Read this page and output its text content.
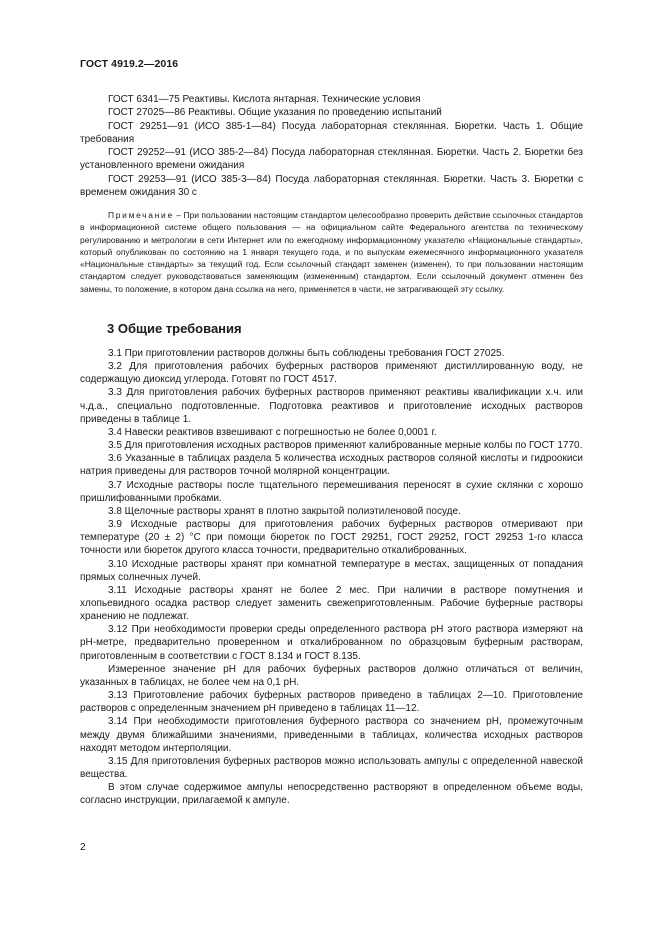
ГОСТ 4919.2—2016

ГОСТ 6341—75 Реактивы. Кислота янтарная. Технические условия

ГОСТ 27025—86 Реактивы. Общие указания по проведению испытаний

ГОСТ 29251—91 (ИСО 385-1—84) Посуда лабораторная стеклянная. Бюретки. Часть 1. Общие требования

ГОСТ 29252—91 (ИСО 385-2—84) Посуда лабораторная стеклянная. Бюретки. Часть 2. Бюретки без установленного времени ожидания

ГОСТ 29253—91 (ИСО 385-3—84) Посуда лабораторная стеклянная. Бюретки. Часть 3. Бюретки с временем ожидания 30 с

Примечание – При пользовании настоящим стандартом целесообразно проверить действие ссылочных стандартов в информационной системе общего пользования — на официальном сайте Федерального агентства по техническому регулированию и метрологии в сети Интернет или по ежегодному информационному указателю «Национальные стандарты», который опубликован по состоянию на 1 января текущего года, и по выпускам ежемесячного информационного указателя «Национальные стандарты» за текущий год. Если ссылочный стандарт заменен (изменен), то при пользовании настоящим стандартом следует руководствоваться заменяющим (измененным) стандартом. Если ссылочный документ отменен без замены, то положение, в котором дана ссылка на него, применяется в части, не затрагивающей эту ссылку.
3 Общие требования

3.1 При приготовлении растворов должны быть соблюдены требования ГОСТ 27025.

3.2 Для приготовления рабочих буферных растворов применяют дистиллированную воду, не содержащую диоксид углерода. Готовят по ГОСТ 4517.

3.3 Для приготовления рабочих буферных растворов применяют реактивы квалификации х.ч. или ч.д.а., специально подготовленные. Подготовка реактивов и приготовление исходных растворов приведены в таблице 1.

3.4 Навески реактивов взвешивают с погрешностью не более 0,0001 г.

3.5 Для приготовления исходных растворов применяют калиброванные мерные колбы по ГОСТ 1770.

3.6 Указанные в таблицах раздела 5 количества исходных растворов соляной кислоты и гидроокиси натрия приведены для растворов точной молярной концентрации.

3.7 Исходные растворы после тщательного перемешивания переносят в сухие склянки с хорошо пришлифованными пробками.

3.8 Щелочные растворы хранят в плотно закрытой полиэтиленовой посуде.

3.9 Исходные растворы для приготовления рабочих буферных растворов отмеривают при температуре (20 ± 2) °С при помощи бюреток по ГОСТ 29251, ГОСТ 29252, ГОСТ 29253 1-го класса точности или бюреток другого класса точности, предварительно откалиброванных.

3.10 Исходные растворы хранят при комнатной температуре в местах, защищенных от попадания прямых солнечных лучей.

3.11 Исходные растворы хранят не более 2 мес. При наличии в растворе помутнения и хлопьевидного осадка раствор следует заменить свежеприготовленным. Рабочие буферные растворы хранению не подлежат.

3.12 При необходимости проверки среды определенного раствора pH этого раствора измеряют на pH-метре, предварительно проверенном и откалиброванном по образцовым буферным растворам, приготовленным в соответствии с ГОСТ 8.134 и ГОСТ 8.135.

Измеренное значение pH для рабочих буферных растворов должно отличаться от величин, указанных в таблицах, не более чем на 0,1 pH.

3.13 Приготовление рабочих буферных растворов приведено в таблицах 2—10. Приготовление растворов с определенным значением pH приведено в таблицах 11—12.

3.14 При необходимости приготовления буферного раствора со значением pH, промежуточным между двумя ближайшими значениями, приведенными в таблицах, количества исходных растворов находят методом интерполяции.

3.15 Для приготовления буферных растворов можно использовать ампулы с определенной навеской вещества.

В этом случае содержимое ампулы непосредственно растворяют в определенном объеме воды, согласно инструкции, прилагаемой к ампуле.

2
